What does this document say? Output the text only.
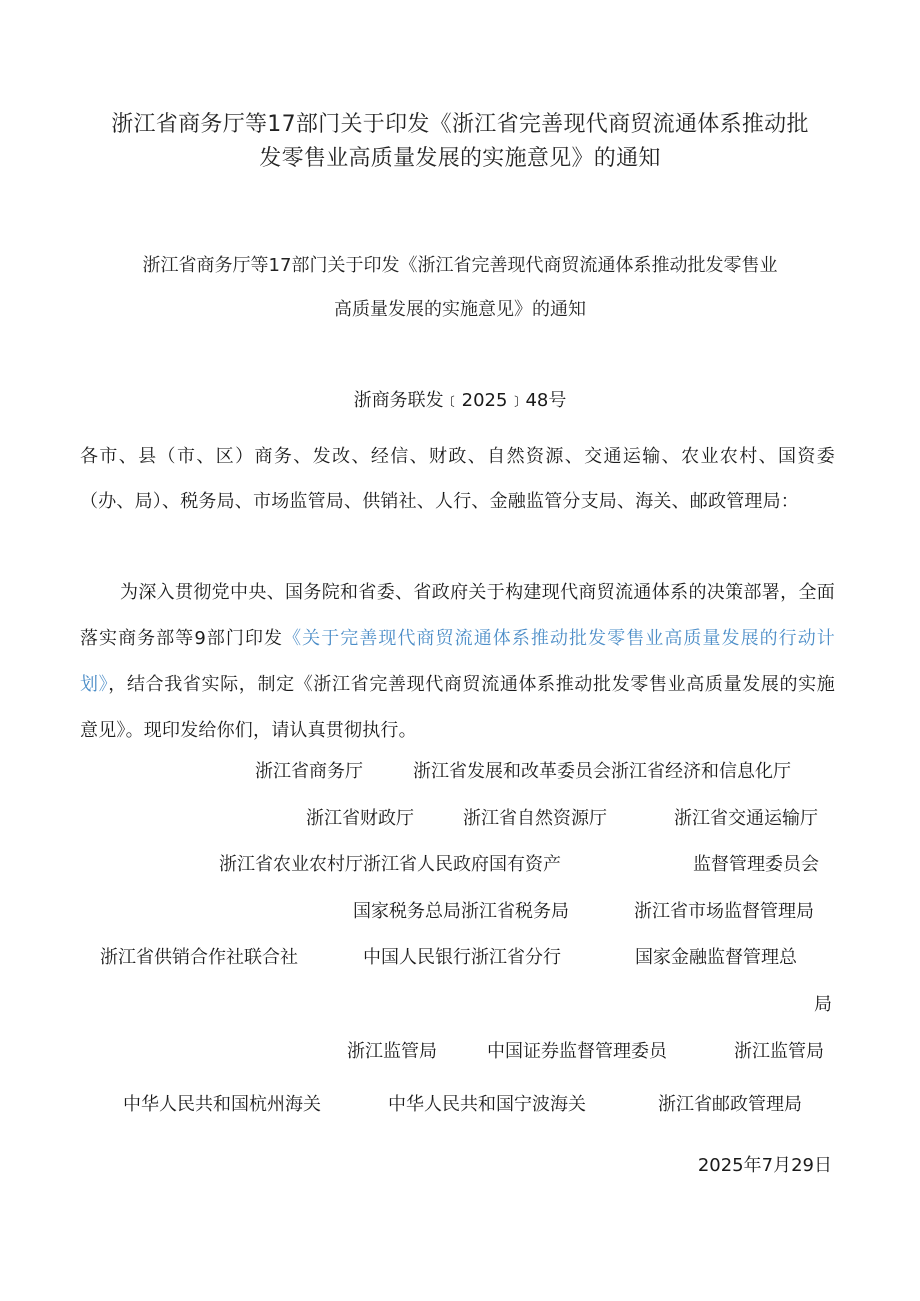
浙江省商务厅等17部门关于印发《浙江省完善现代商贸流通体系推动批
发零售业高质量发展的实施意见》的通知

浙江省商务厅等17部门关于印发《浙江省完善现代商贸流通体系推动批发零售业

高质量发展的实施意见》的通知

浙商务联发﹝2025﹞48号

各市、县（市、区）商务、发改、经信、财政、自然资源、交通运输、农业农村、国资委（办、局）、税务局、市场监管局、供销社、人行、金融监管分支局、海关、邮政管理局：

为深入贯彻党中央、国务院和省委、省政府关于构建现代商贸流通体系的决策部署，全面落实商务部等9部门印发《关于完善现代商贸流通体系推动批发零售业高质量发展的行动计划》，结合我省实际，制定《浙江省完善现代商贸流通体系推动批发零售业高质量发展的实施意见》。现印发给你们，请认真贯彻执行。

浙江省商务厅	浙江省发展和改革委员会浙江省经济和信息化厅
浙江省财政厅	浙江省自然资源厅	浙江省交通运输厅
浙江省农业农村厅浙江省人民政府国有资产	监督管理委员会
国家税务总局浙江省税务局	浙江省市场监督管理局
浙江省供销合作社联合社	中国人民银行浙江省分行	国家金融监督管理总
局
浙江监管局	中国证券监督管理委员	浙江监管局
中华人民共和国杭州海关	中华人民共和国宁波海关	浙江省邮政管理局

2025年7月29日
